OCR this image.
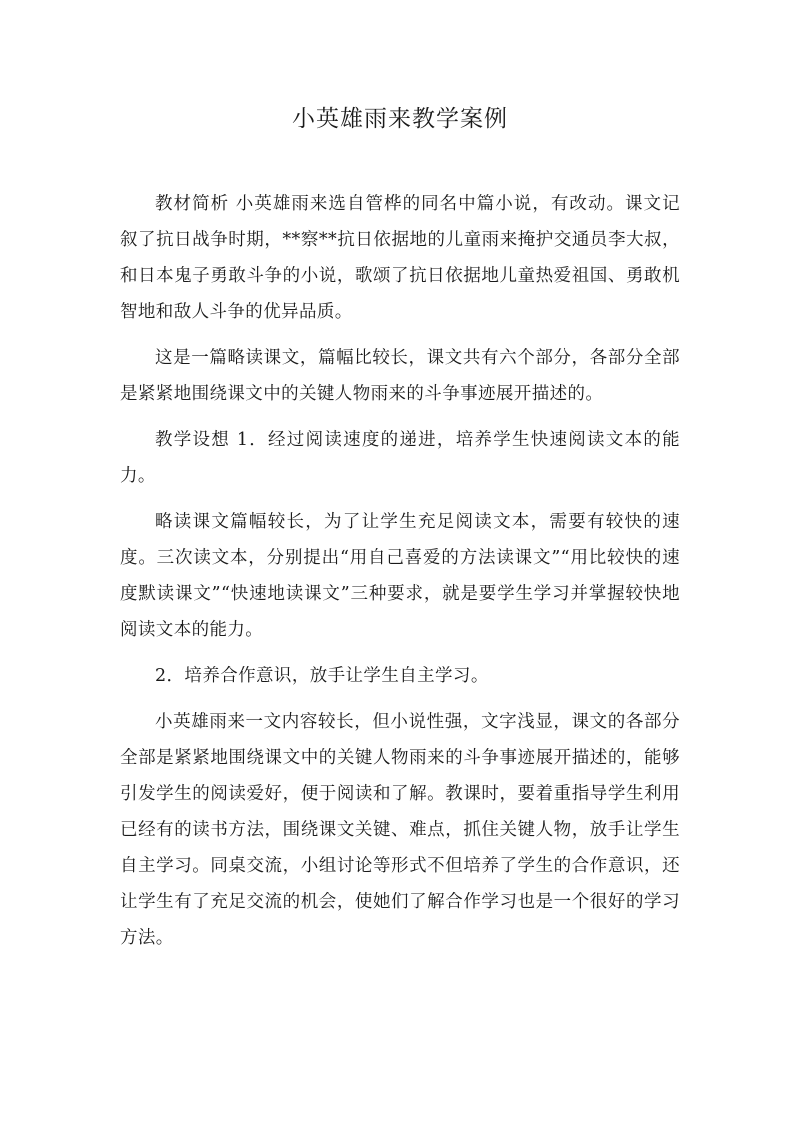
小英雄雨来教学案例

教材简析 小英雄雨来选自管桦的同名中篇小说，有改动。课文记叙了抗日战争时期，**察**抗日依据地的儿童雨来掩护交通员李大叔，和日本鬼子勇敢斗争的小说，歌颂了抗日依据地儿童热爱祖国、勇敢机智地和敌人斗争的优异品质。

这是一篇略读课文，篇幅比较长，课文共有六个部分，各部分全部是紧紧地围绕课文中的关键人物雨来的斗争事迹展开描述的。

教学设想 1．经过阅读速度的递进，培养学生快速阅读文本的能力。

略读课文篇幅较长，为了让学生充足阅读文本，需要有较快的速度。三次读文本，分别提出“用自己喜爱的方法读课文”“用比较快的速度默读课文”“快速地读课文”三种要求，就是要学生学习并掌握较快地阅读文本的能力。

2．培养合作意识，放手让学生自主学习。

小英雄雨来一文内容较长，但小说性强，文字浅显，课文的各部分全部是紧紧地围绕课文中的关键人物雨来的斗争事迹展开描述的，能够引发学生的阅读爱好，便于阅读和了解。教课时，要着重指导学生利用已经有的读书方法，围绕课文关键、难点，抓住关键人物，放手让学生自主学习。同桌交流，小组讨论等形式不但培养了学生的合作意识，还让学生有了充足交流的机会，使她们了解合作学习也是一个很好的学习方法。
